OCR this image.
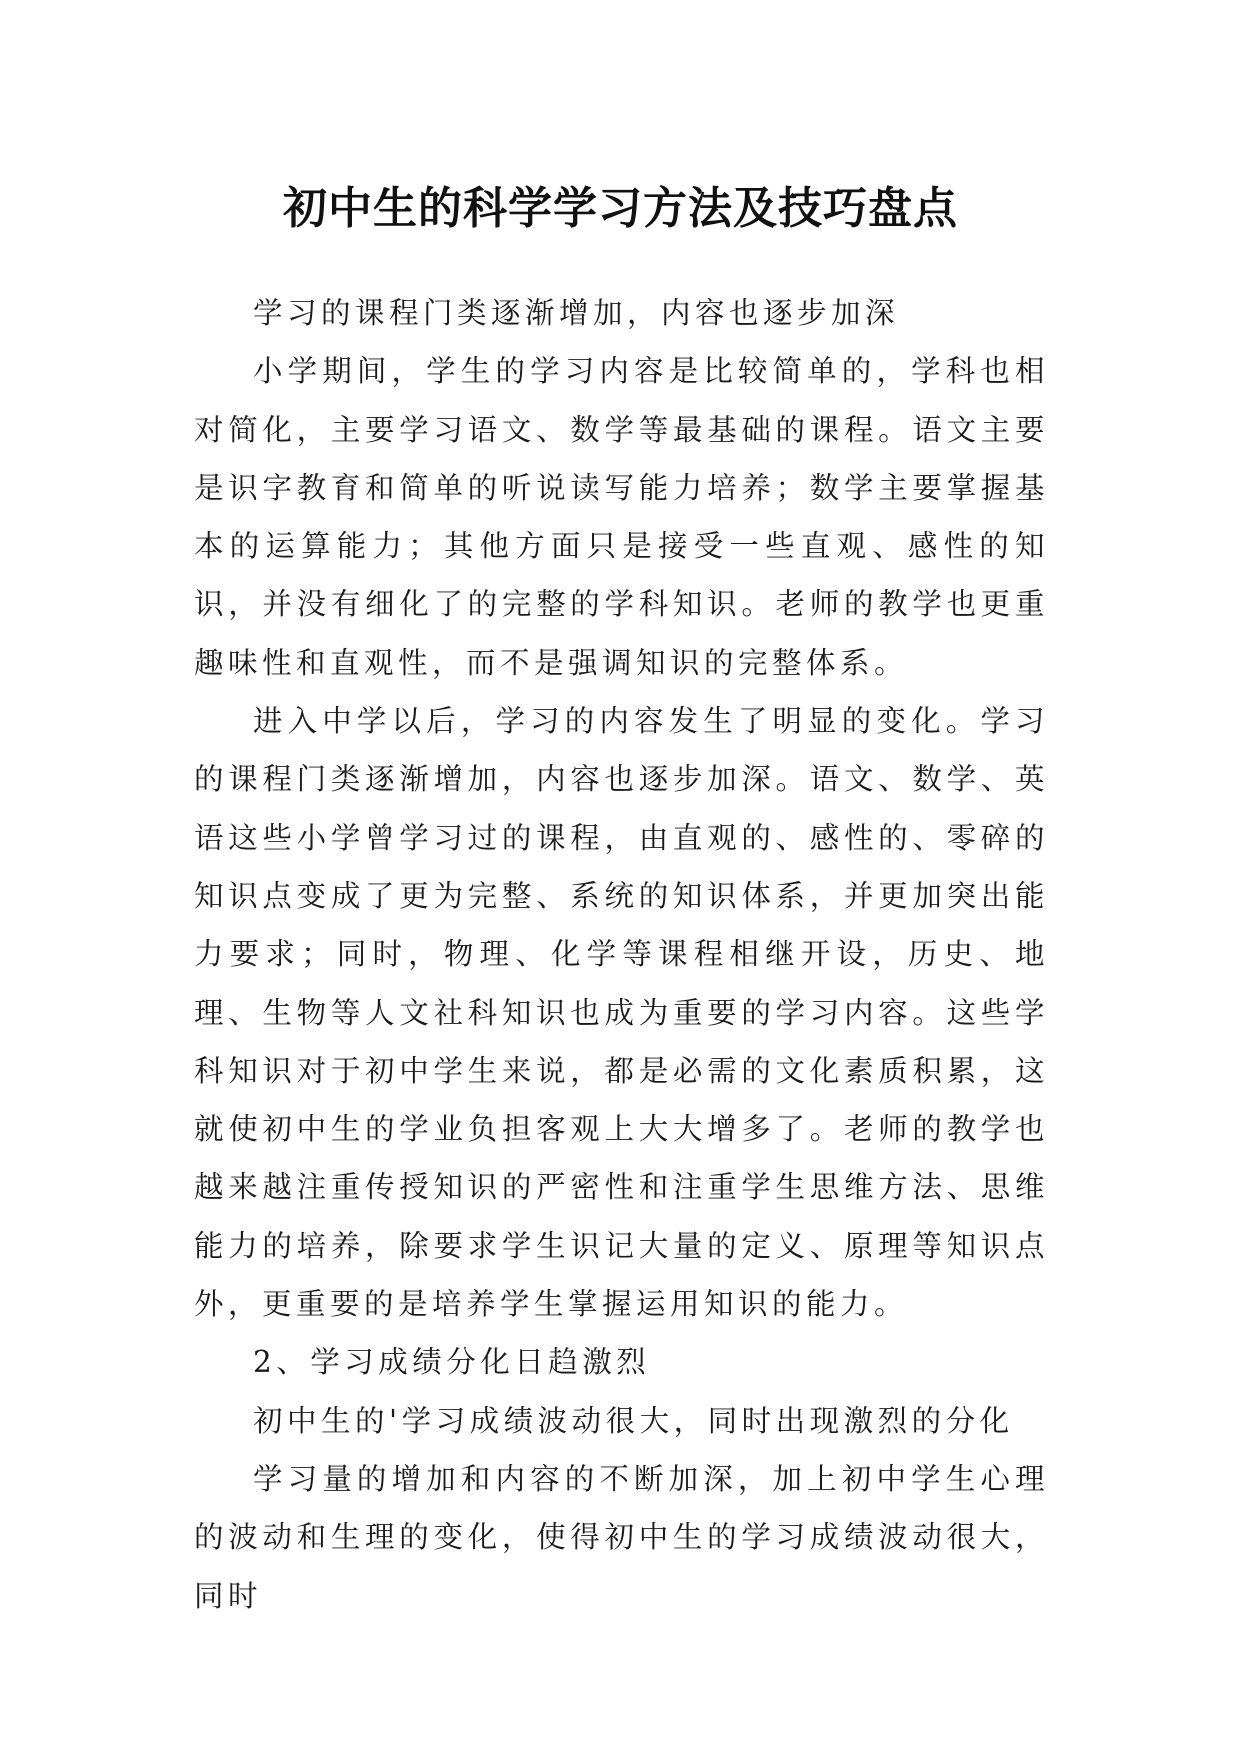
初中生的科学学习方法及技巧盘点

学习的课程门类逐渐增加，内容也逐步加深

小学期间，学生的学习内容是比较简单的，学科也相对简化，主要学习语文、数学等最基础的课程。语文主要是识字教育和简单的听说读写能力培养；数学主要掌握基本的运算能力；其他方面只是接受一些直观、感性的知识，并没有细化了的完整的学科知识。老师的教学也更重趣味性和直观性，而不是强调知识的完整体系。

进入中学以后，学习的内容发生了明显的变化。学习的课程门类逐渐增加，内容也逐步加深。语文、数学、英语这些小学曾学习过的课程，由直观的、感性的、零碎的知识点变成了更为完整、系统的知识体系，并更加突出能力要求；同时，物理、化学等课程相继开设，历史、地理、生物等人文社科知识也成为重要的学习内容。这些学科知识对于初中学生来说，都是必需的文化素质积累，这就使初中生的学业负担客观上大大增多了。老师的教学也越来越注重传授知识的严密性和注重学生思维方法、思维能力的培养，除要求学生识记大量的定义、原理等知识点外，更重要的是培养学生掌握运用知识的能力。

2、学习成绩分化日趋激烈

初中生的'学习成绩波动很大，同时出现激烈的分化

学习量的增加和内容的不断加深，加上初中学生心理的波动和生理的变化，使得初中生的学习成绩波动很大，同时
